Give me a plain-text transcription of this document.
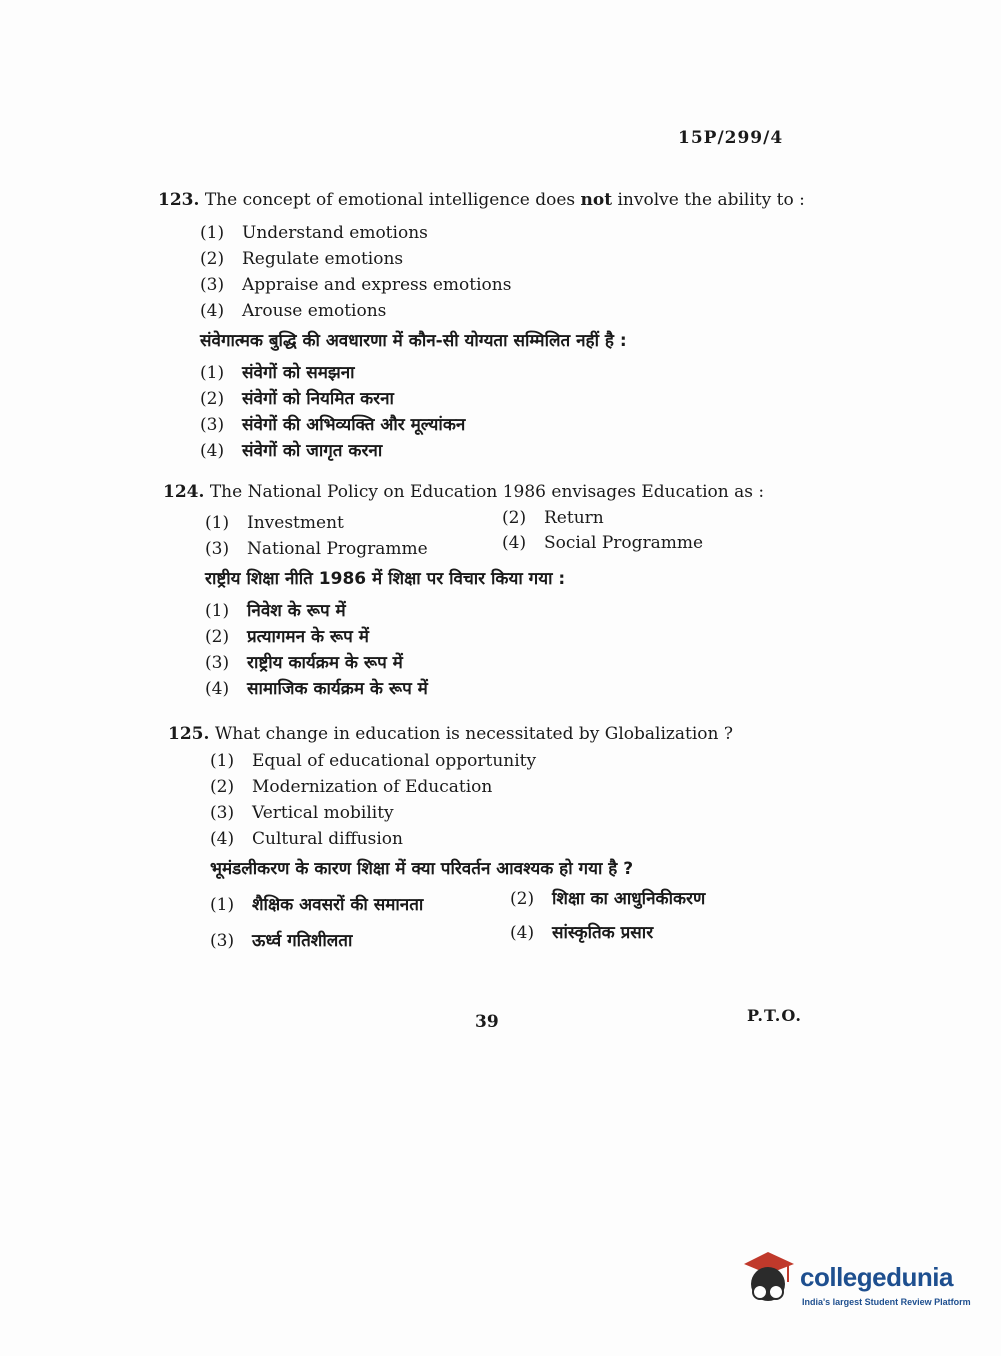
15P/299/4
123. The concept of emotional intelligence does not involve the ability to :
(1) Understand emotions
(2) Regulate emotions
(3) Appraise and express emotions
(4) Arouse emotions
संवेगात्मक बुद्धि की अवधारणा में कौन-सी योग्यता सम्मिलित नहीं है :
(1) संवेगों को समझना
(2) संवेगों को नियमित करना
(3) संवेगों की अभिव्यक्ति और मूल्यांकन
(4) संवेगों को जागृत करना
124. The National Policy on Education 1986 envisages Education as :
(1) Investment	(2) Return
(3) National Programme	(4) Social Programme
राष्ट्रीय शिक्षा नीति 1986 में शिक्षा पर विचार किया गया :
(1) निवेश के रूप में
(2) प्रत्यागमन के रूप में
(3) राष्ट्रीय कार्यक्रम के रूप में
(4) सामाजिक कार्यक्रम के रूप में
125. What change in education is necessitated by Globalization ?
(1) Equal of educational opportunity
(2) Modernization of Education
(3) Vertical mobility
(4) Cultural diffusion
भूमंडलीकरण के कारण शिक्षा में क्या परिवर्तन आवश्यक हो गया है ?
(1) शैक्षिक अवसरों की समानता	(2) शिक्षा का आधुनिकीकरण
(3) ऊर्ध्व गतिशीलता	(4) सांस्कृतिक प्रसार
39	P.T.O.
collegedunia
India's largest Student Review Platform
